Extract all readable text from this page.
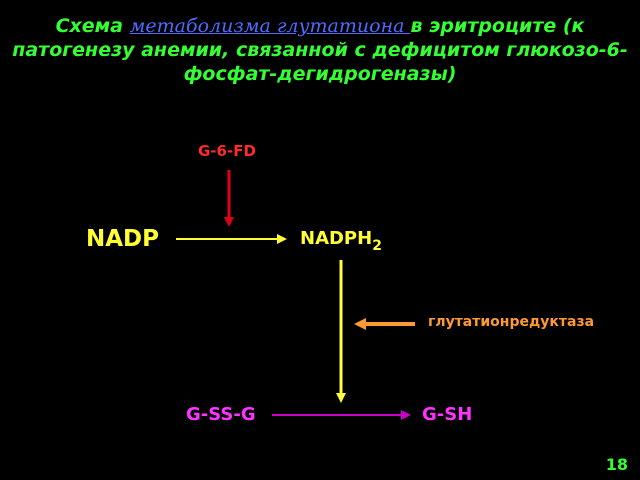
Схема метаболизма глутатиона в эритроците (к патогенезу анемии, связанной с дефицитом глюкозо-6-фосфат-дегидрогеназы)

G-6-FD

NADP	$NADPH_2$

глутатионредуктаза

G-SS-G	G-SH

18
